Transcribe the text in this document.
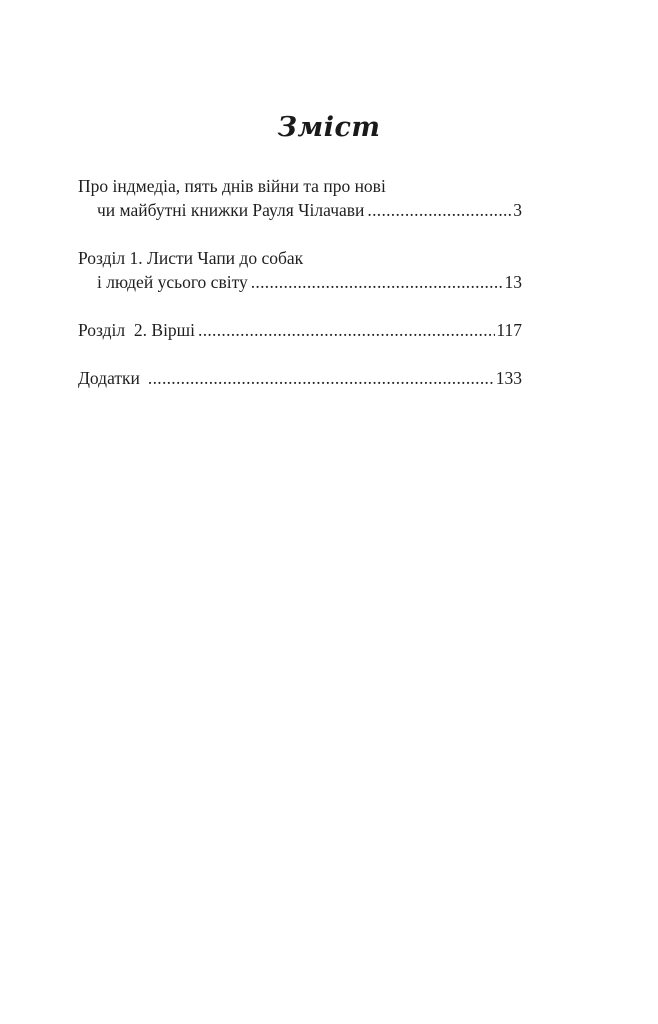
Зміст
Про індмедіа, пять днів війни та про нові
чи майбутні книжки Рауля Чілачави .....	3
Розділ 1. Листи Чапи до собак
і людей усього світу .....	13
Розділ  2. Вірші .....	117
Додатки .....	133
